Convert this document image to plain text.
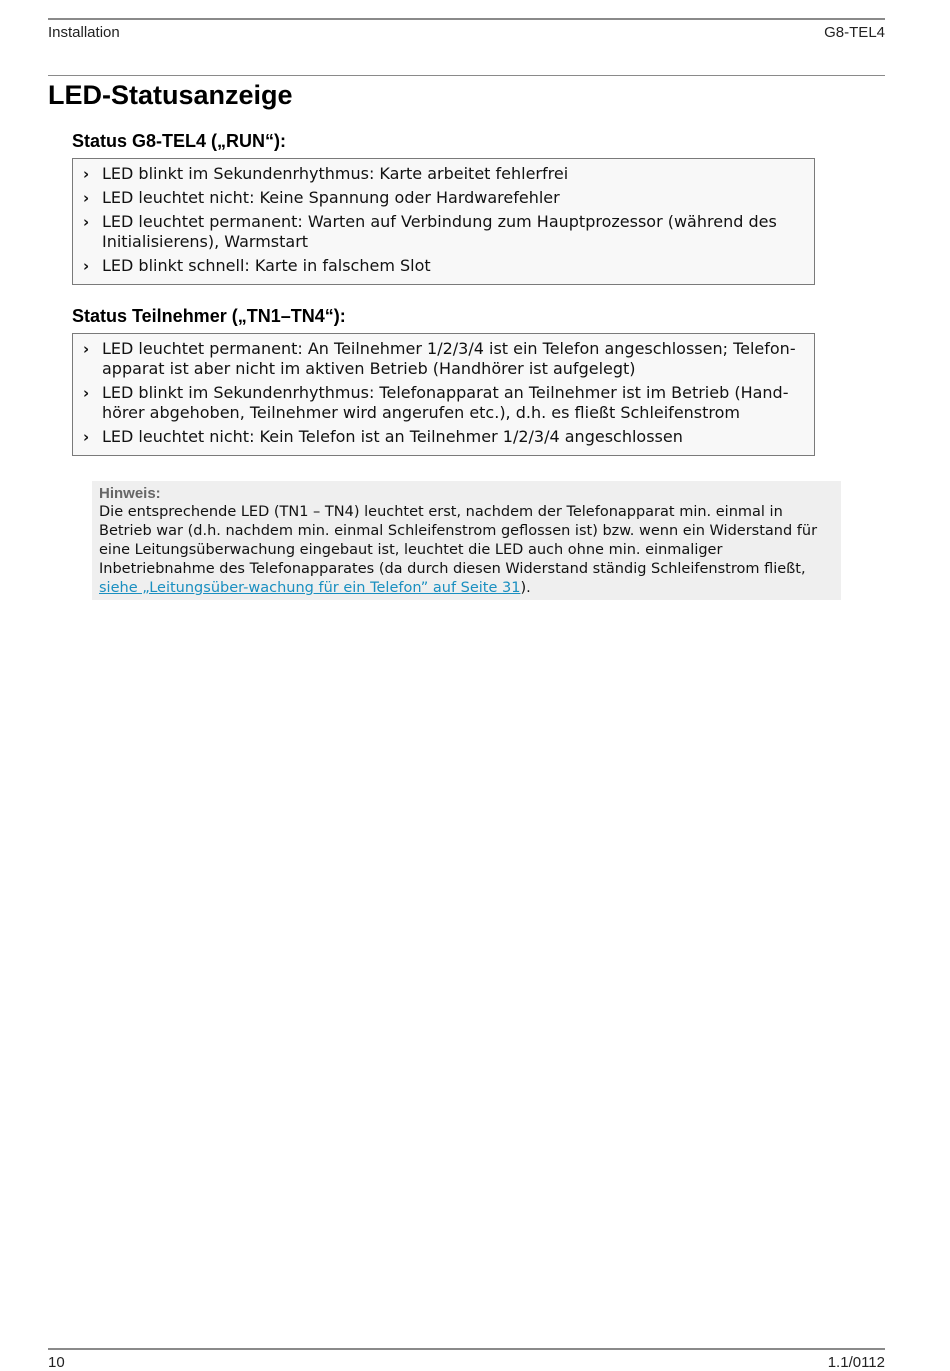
Installation	G8-TEL4
LED-Statusanzeige
Status G8-TEL4 („RUN“):
› LED blinkt im Sekundenrhythmus: Karte arbeitet fehlerfrei
› LED leuchtet nicht: Keine Spannung oder Hardwarefehler
› LED leuchtet permanent: Warten auf Verbindung zum Hauptprozessor (während des Initialisierens), Warmstart
› LED blinkt schnell: Karte in falschem Slot
Status Teilnehmer („TN1–TN4“):
› LED leuchtet permanent: An Teilnehmer 1/2/3/4 ist ein Telefon angeschlossen; Telefon-apparat ist aber nicht im aktiven Betrieb (Handhörer ist aufgelegt)
› LED blinkt im Sekundenrhythmus: Telefonapparat an Teilnehmer ist im Betrieb (Hand-hörer abgehoben, Teilnehmer wird angerufen etc.), d.h. es fließt Schleifenstrom
› LED leuchtet nicht: Kein Telefon ist an Teilnehmer 1/2/3/4 angeschlossen

Hinweis:

Die entsprechende LED (TN1 – TN4) leuchtet erst, nachdem der Telefonapparat min. einmal in Betrieb war (d.h. nachdem min. einmal Schleifenstrom geflossen ist) bzw. wenn ein Widerstand für eine Leitungsüberwachung eingebaut ist, leuchtet die LED auch ohne min. einmaliger Inbetriebnahme des Telefonapparates (da durch diesen Widerstand ständig Schleifenstrom fließt, siehe „Leitungsüber-wachung für ein Telefon” auf Seite 31).

10	1.1/0112
